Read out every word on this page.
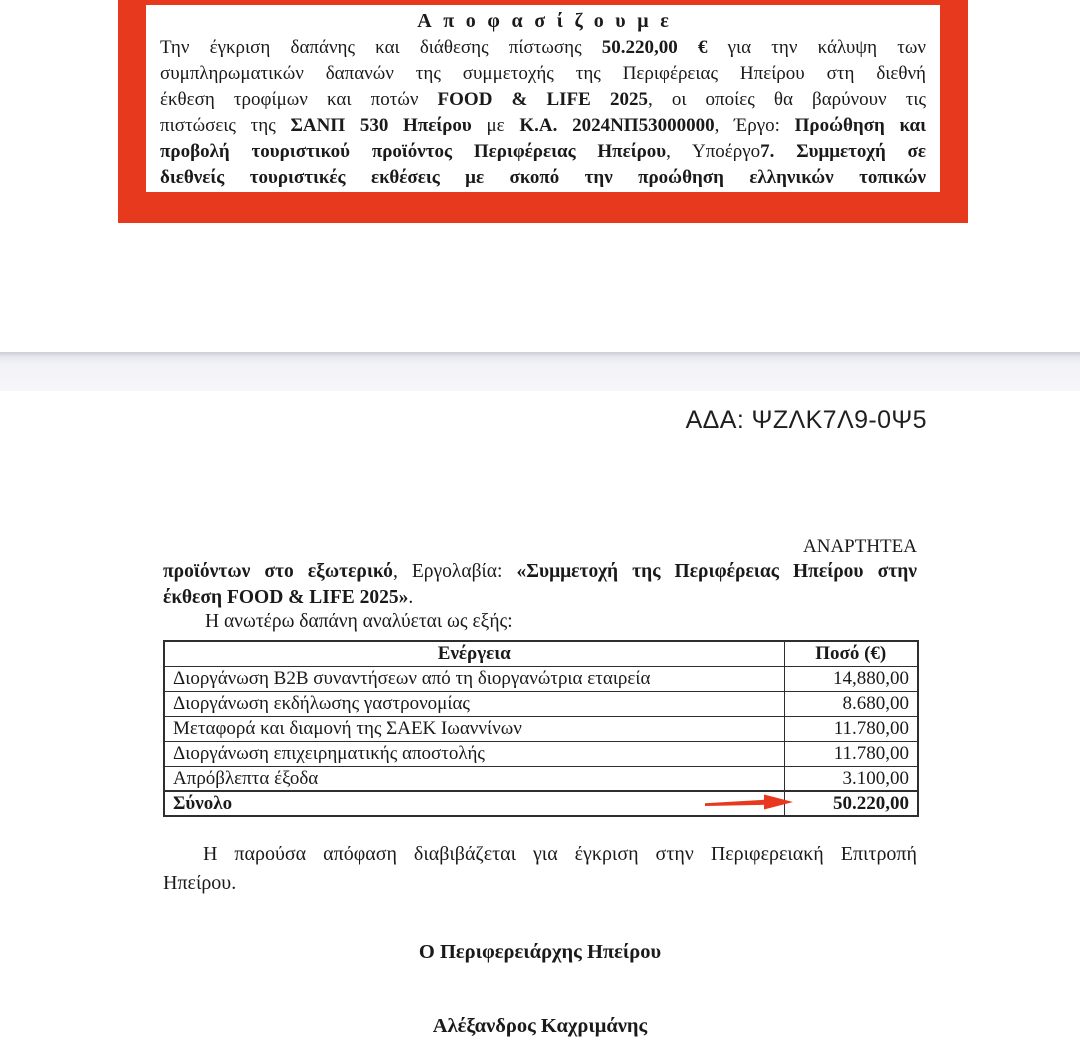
Αποφασίζουμε
Την έγκριση δαπάνης και διάθεσης πίστωσης 50.220,00 € για την κάλυψη των
συμπληρωματικών δαπανών της συμμετοχής της Περιφέρειας Ηπείρου στη διεθνή
έκθεση τροφίμων και ποτών FOOD & LIFE 2025, οι οποίες θα βαρύνουν τις
πιστώσεις της ΣΑΝΠ 530 Ηπείρου με Κ.Α. 2024ΝΠ53000000, Έργο: Προώθηση και
προβολή τουριστικού προϊόντος Περιφέρειας Ηπείρου, Υποέργο7. Συμμετοχή σε
διεθνείς τουριστικές εκθέσεις με σκοπό την προώθηση ελληνικών τοπικών
ΑΔΑ: ΨΖΛΚ7Λ9-0Ψ5
ΑΝΑΡΤΗΤΕΑ
προϊόντων στο εξωτερικό, Εργολαβία: «Συμμετοχή της Περιφέρειας Ηπείρου στην
έκθεση FOOD & LIFE 2025».
Η ανωτέρω δαπάνη αναλύεται ως εξής:
Ενέργεια	Ποσό (€)
Διοργάνωση Β2Β συναντήσεων από τη διοργανώτρια εταιρεία	14,880,00
Διοργάνωση εκδήλωσης γαστρονομίας	8.680,00
Μεταφορά και διαμονή της ΣΑΕΚ Ιωαννίνων	11.780,00
Διοργάνωση επιχειρηματικής αποστολής	11.780,00
Απρόβλεπτα έξοδα	3.100,00
Σύνολο	50.220,00
Η παρούσα απόφαση διαβιβάζεται για έγκριση στην Περιφερειακή Επιτροπή
Ηπείρου.
Ο Περιφερειάρχης Ηπείρου
Αλέξανδρος Καχριμάνης
